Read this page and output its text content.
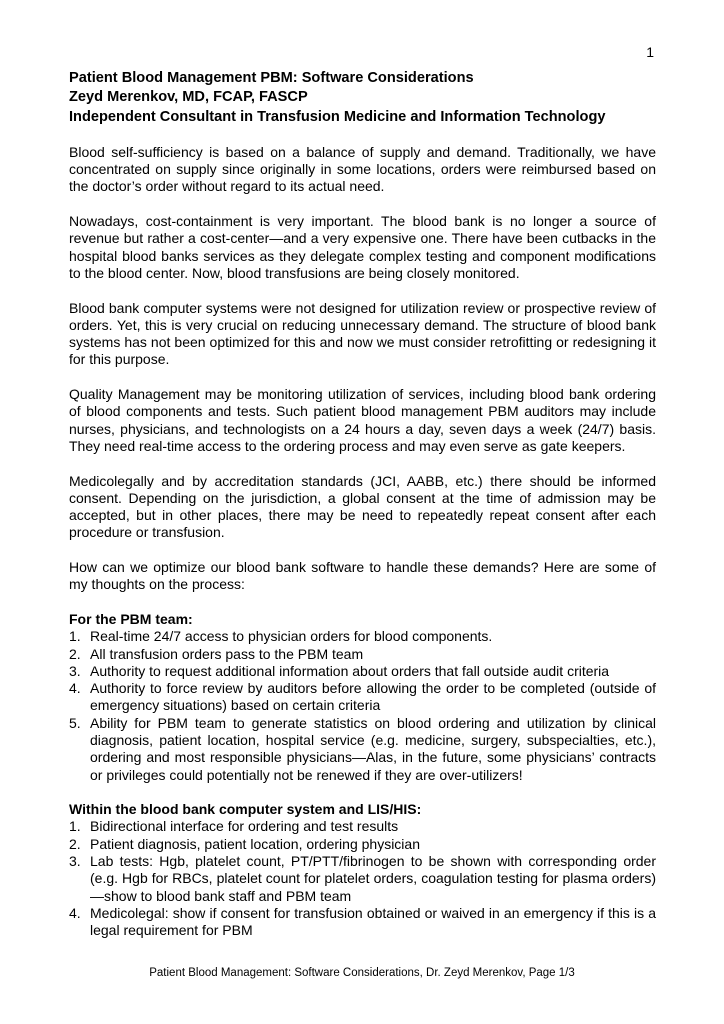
1
Patient Blood Management PBM: Software Considerations
Zeyd Merenkov, MD, FCAP, FASCP
Independent Consultant in Transfusion Medicine and Information Technology

Blood self-sufficiency is based on a balance of supply and demand. Traditionally, we have concentrated on supply since originally in some locations, orders were reimbursed based on the doctor’s order without regard to its actual need.

Nowadays, cost-containment is very important. The blood bank is no longer a source of revenue but rather a cost-center—and a very expensive one. There have been cutbacks in the hospital blood banks services as they delegate complex testing and component modifications to the blood center. Now, blood transfusions are being closely monitored.

Blood bank computer systems were not designed for utilization review or prospective review of orders. Yet, this is very crucial on reducing unnecessary demand. The structure of blood bank systems has not been optimized for this and now we must consider retrofitting or redesigning it for this purpose.

Quality Management may be monitoring utilization of services, including blood bank ordering of blood components and tests. Such patient blood management PBM auditors may include nurses, physicians, and technologists on a 24 hours a day, seven days a week (24/7) basis. They need real-time access to the ordering process and may even serve as gate keepers.

Medicolegally and by accreditation standards (JCI, AABB, etc.) there should be informed consent. Depending on the jurisdiction, a global consent at the time of admission may be accepted, but in other places, there may be need to repeatedly repeat consent after each procedure or transfusion.

How can we optimize our blood bank software to handle these demands? Here are some of my thoughts on the process:

For the PBM team:
1. Real-time 24/7 access to physician orders for blood components.
2. All transfusion orders pass to the PBM team
3. Authority to request additional information about orders that fall outside audit criteria
4. Authority to force review by auditors before allowing the order to be completed (outside of emergency situations) based on certain criteria
5. Ability for PBM team to generate statistics on blood ordering and utilization by clinical diagnosis, patient location, hospital service (e.g. medicine, surgery, subspecialties, etc.), ordering and most responsible physicians—Alas, in the future, some physicians’ contracts or privileges could potentially not be renewed if they are over-utilizers!
Within the blood bank computer system and LIS/HIS:
1. Bidirectional interface for ordering and test results
2. Patient diagnosis, patient location, ordering physician
3. Lab tests: Hgb, platelet count, PT/PTT/fibrinogen to be shown with corresponding order (e.g. Hgb for RBCs, platelet count for platelet orders, coagulation testing for plasma orders)—show to blood bank staff and PBM team
4. Medicolegal: show if consent for transfusion obtained or waived in an emergency if this is a legal requirement for PBM
Patient Blood Management: Software Considerations, Dr. Zeyd Merenkov, Page 1/3
